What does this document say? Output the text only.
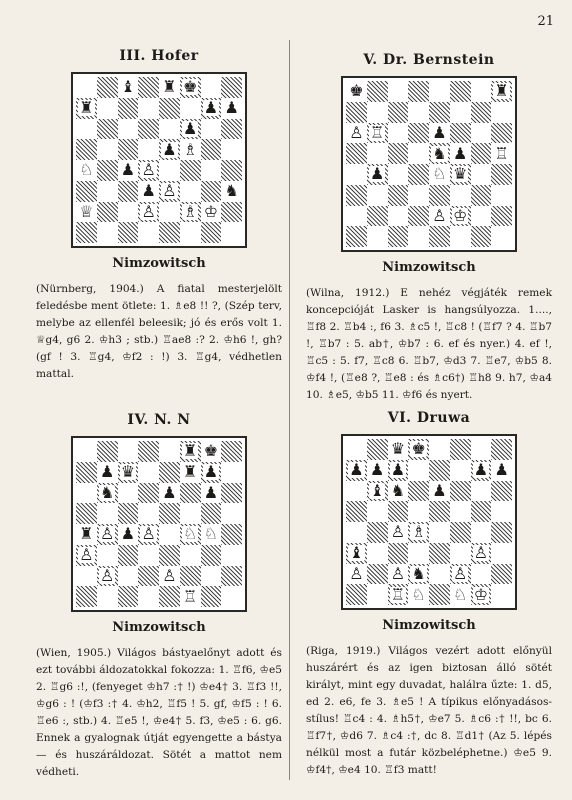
21
III. Hofer
♝ ♜ ♚
♜	♟ ♟
♟
♟ ♗
♘ ♟ ♙
♟ ♙	♞
♕	♙ ♗ ♔
Nimzowitsch
(Nürnberg, 1904.) A fiatal mesterjelölt feledésbe ment ötlete: 1. ♗e8 !! ?, (Szép terv, melybe az ellenfél beleesik; jó és erős volt 1. ♕g4, g6 2. ♔h3 ; stb.) ♖ae8 :? 2. ♔h6 !, gh? (gf ! 3. ♖g4, ♔f2 : !) 3. ♖g4, védhetlen mattal.
V. Dr. Bernstein
♚	♜
♙ ♖	♟
♞ ♟ ♖
♟	♘ ♛
♙ ♔
Nimzowitsch
(Wilna, 1912.) E nehéz végjáték remek koncepcióját Lasker is hangsúlyozza. 1...., ♖f8 2. ♖b4 :, f6 3. ♗c5 !, ♖c8 ! (♖f7 ? 4. ♖b7 !, ♖b7 : 5. ab†, ♔b7 : 6. ef és nyer.) 4. ef !, ♖c5 : 5. f7, ♖c8 6. ♖b7, ♔d3 7. ♖e7, ♔b5 8. ♔f4 !, (♖e8 ?, ♖e8 : és ♗c6†) ♖h8 9. h7, ♔a4 10. ♗e5, ♔b5 11. ♔f6 és nyert.
IV. N. N
♜ ♚
♟ ♛	♜ ♟
♞	♟ ♟
♜ ♙ ♟ ♙ ♘ ♘
♙
♙	♙
♖
Nimzowitsch
(Wien, 1905.) Világos bástyaelőnyt adott és ezt további áldozatokkal fokozza: 1. ♖f6, ♔e5 2. ♖g6 :!, (fenyeget ♔h7 :† !) ♔e4† 3. ♖f3 !!, ♔g6 : ! (♔f3 :† 4. ♔h2, ♖f5 ! 5. gf, ♔f5 : ! 6. ♖e6 :, stb.) 4. ♖e5 !, ♔e4† 5. f3, ♔e5 : 6. g6. Ennek a gyalognak útját egyengette a bástya — és huszáráldozat. Sötét a mattot nem védheti.
VI. Druwa
♛ ♚
♟ ♟ ♟	♟ ♟
♝ ♞ ♟
♙ ♗
♝	♙
♙ ♙ ♞ ♙
♖ ♘ ♘ ♔
Nimzowitsch
(Riga, 1919.) Világos vezért adott előnyül huszárért és az igen biztosan álló sötét királyt, mint egy duvadat, halálra űzte: 1. d5, ed 2. e6, fe 3. ♗e5 ! A típikus előnyadásos-stílus! ♖c4 : 4. ♗h5†, ♔e7 5. ♗c6 :† !!, bc 6. ♖f7†, ♔d6 7. ♗c4 :†, dc 8. ♖d1† (Az 5. lépés nélkül most a futár közbeléphetne.) ♔e5 9. ♔f4†, ♔e4 10. ♖f3 matt!
